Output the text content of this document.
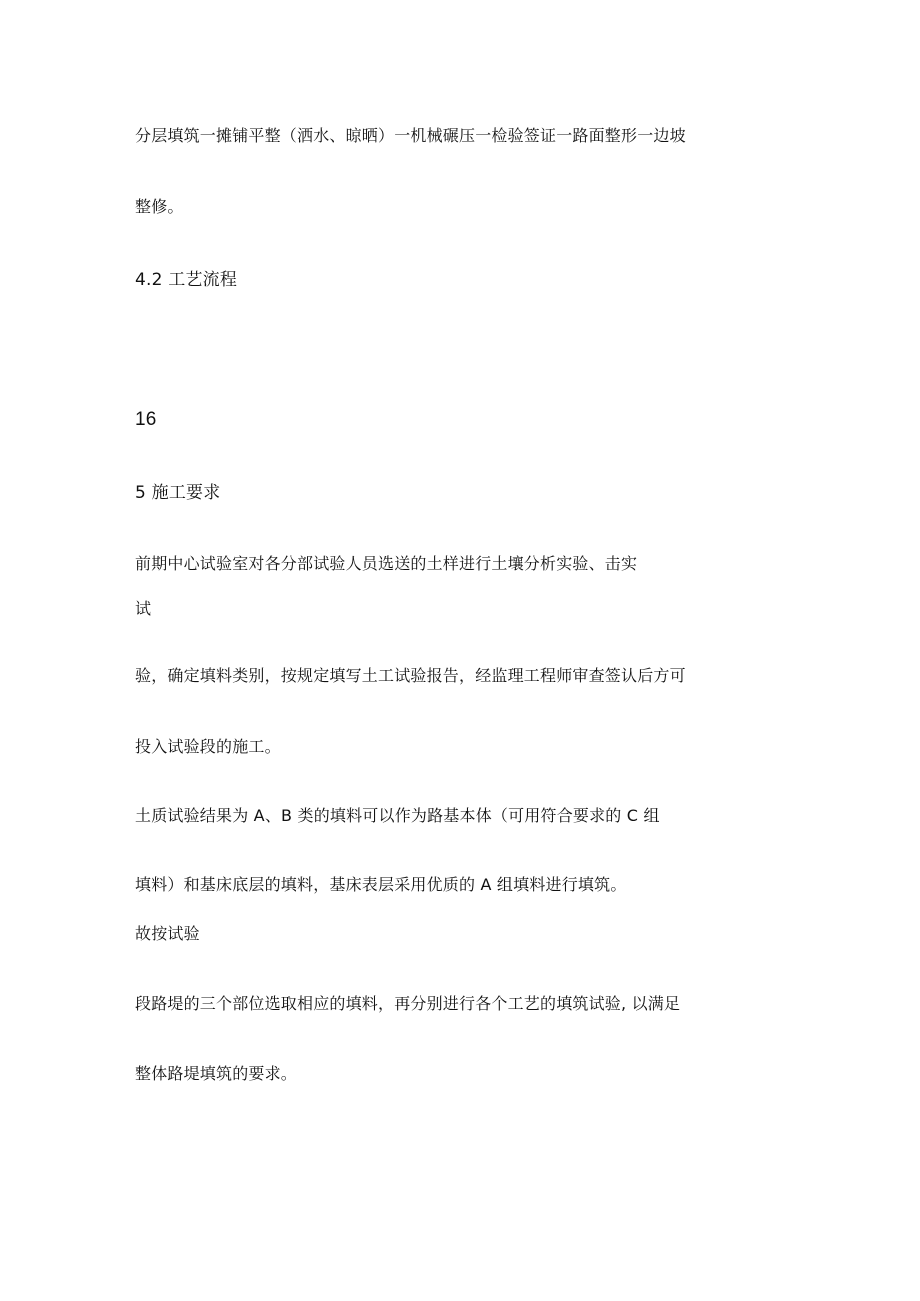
分层填筑一摊铺平整（洒水、晾晒）一机械碾压一检验签证一路面整形一边坡
整修。
4.2 工艺流程
16
5 施工要求
前期中心试验室对各分部试验人员选送的土样进行土壤分析实验、击实
试
验，确定填料类别，按规定填写土工试验报告，经监理工程师审查签认后方可
投入试验段的施工。
土质试验结果为 A、B 类的填料可以作为路基本体（可用符合要求的 C 组
填料）和基床底层的填料，基床表层采用优质的 A 组填料进行填筑。
故按试验
段路堤的三个部位选取相应的填料，再分别进行各个工艺的填筑试验, 以满足
整体路堤填筑的要求。
